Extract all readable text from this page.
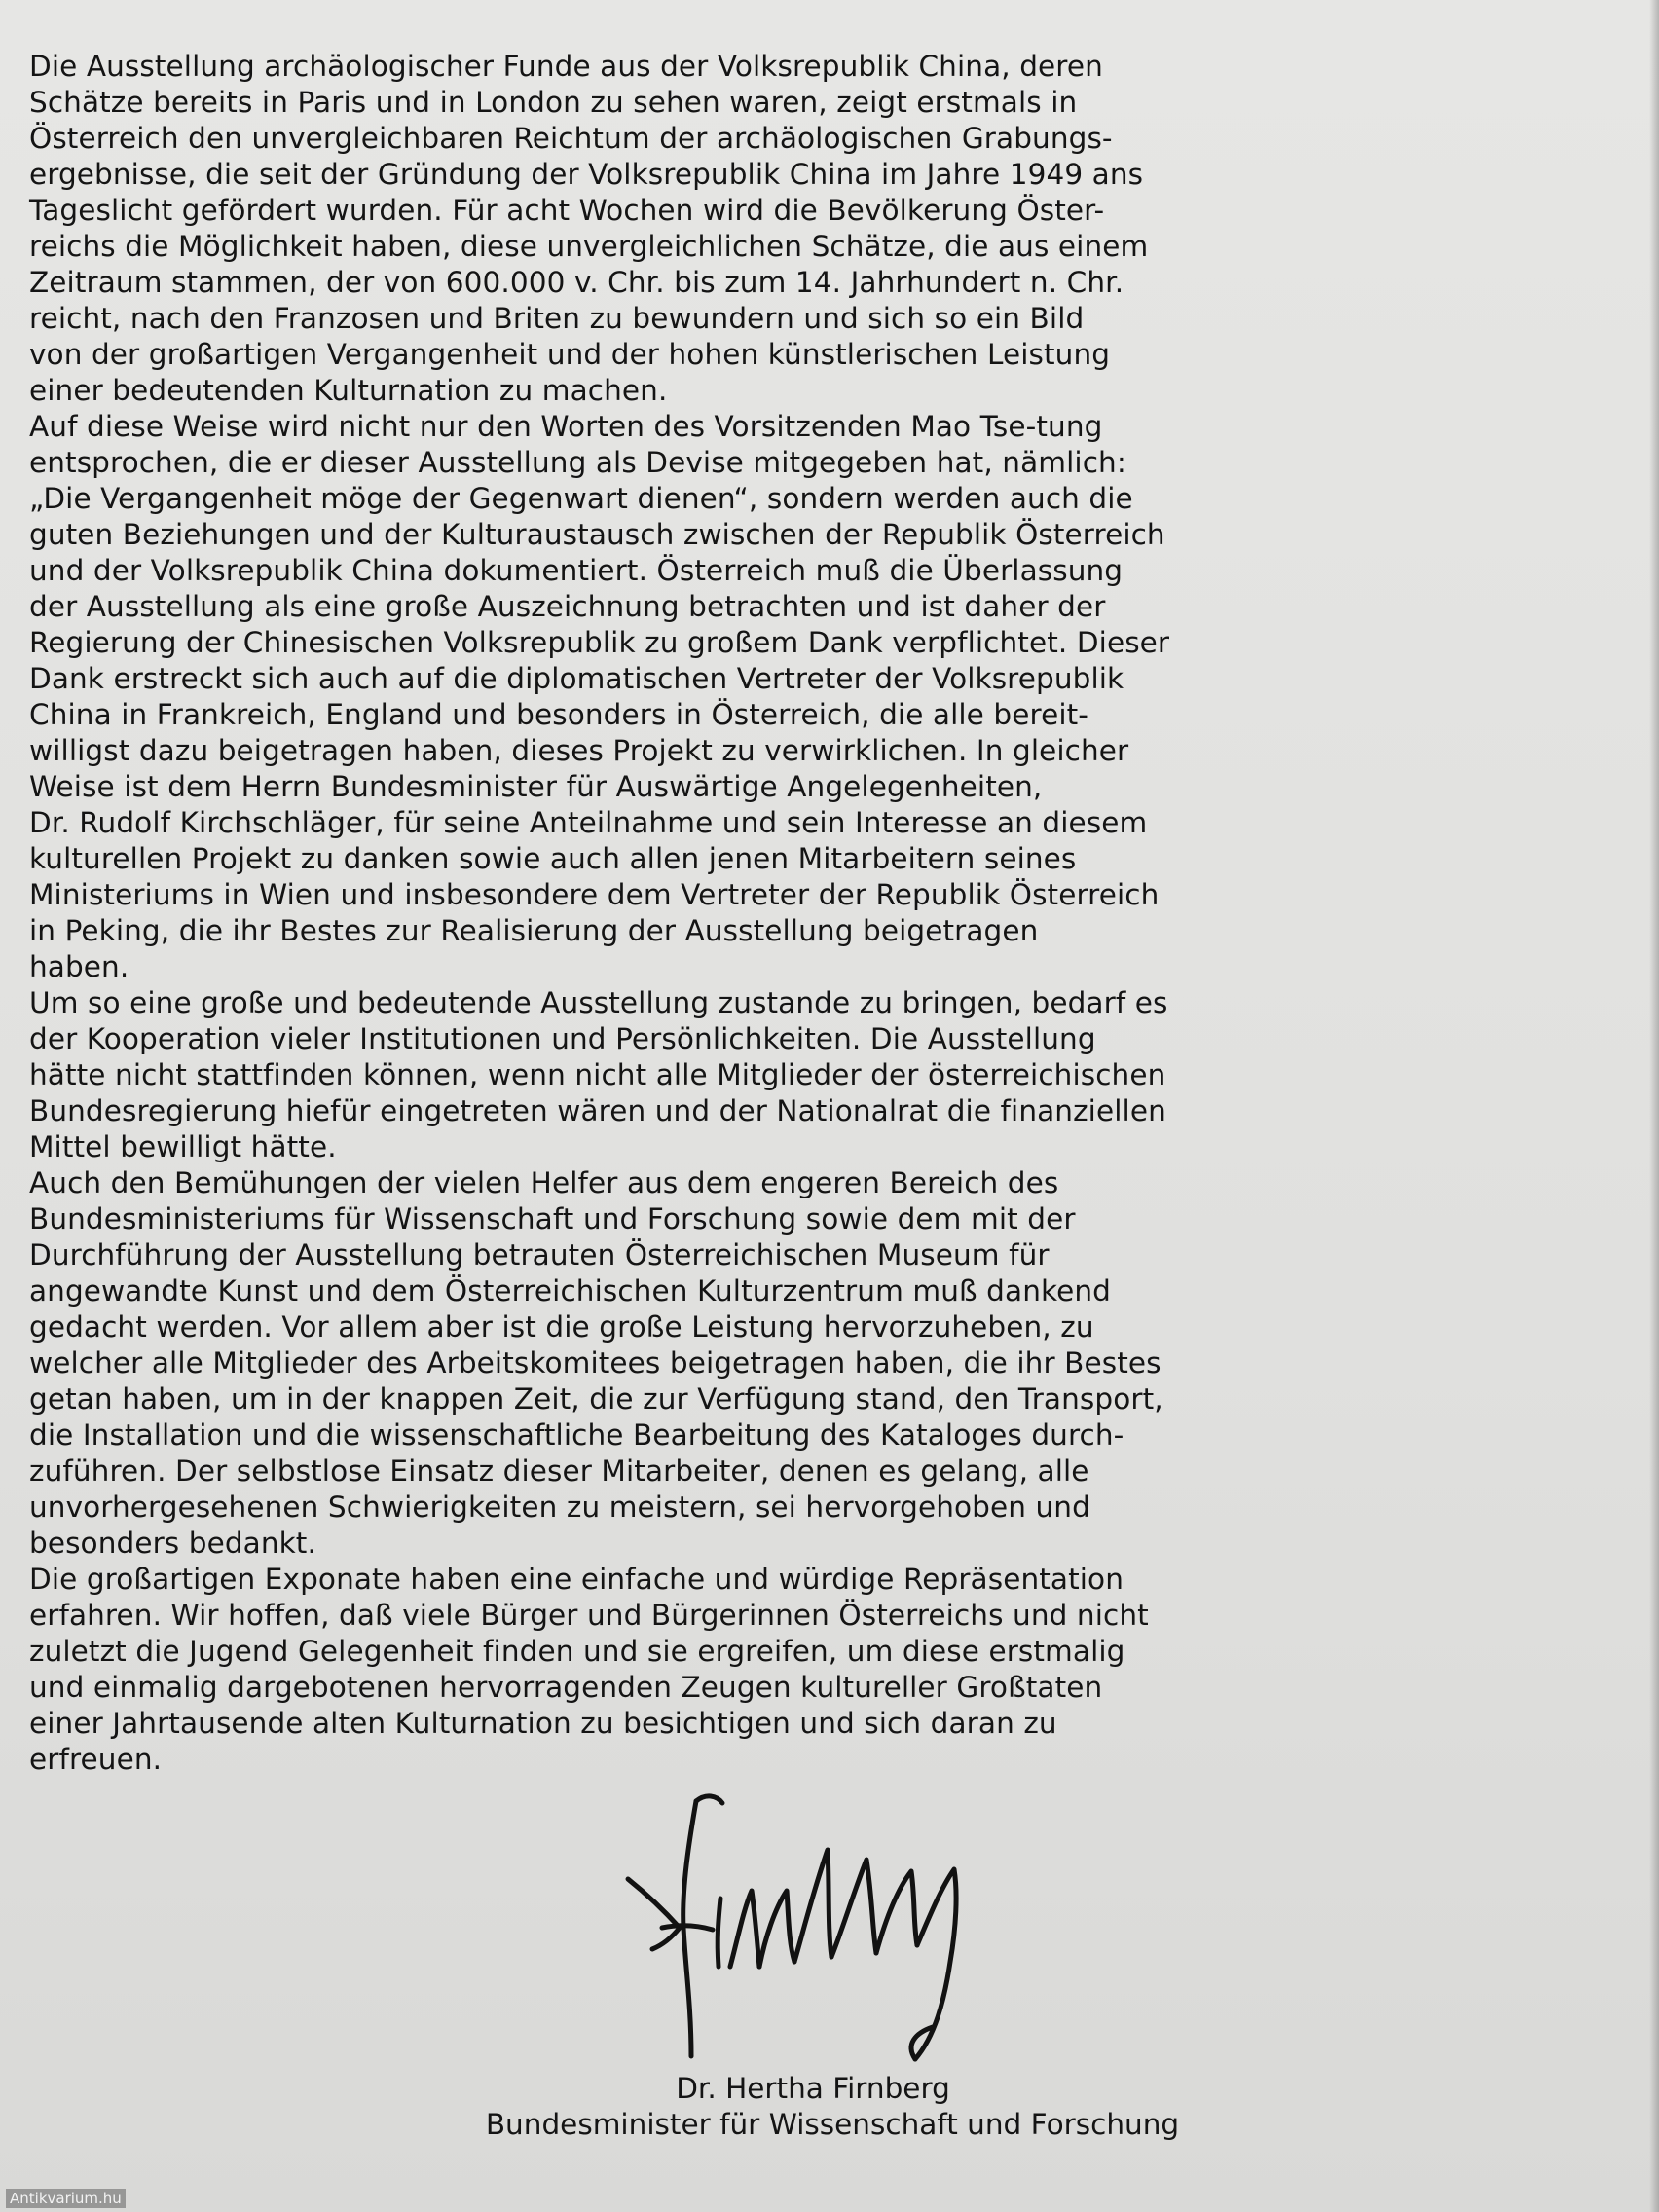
Die Ausstellung archäologischer Funde aus der Volksrepublik China, deren
Schätze bereits in Paris und in London zu sehen waren, zeigt erstmals in
Österreich den unvergleichbaren Reichtum der archäologischen Grabungs-
ergebnisse, die seit der Gründung der Volksrepublik China im Jahre 1949 ans
Tageslicht gefördert wurden. Für acht Wochen wird die Bevölkerung Öster-
reichs die Möglichkeit haben, diese unvergleichlichen Schätze, die aus einem
Zeitraum stammen, der von 600.000 v. Chr. bis zum 14. Jahrhundert n. Chr.
reicht, nach den Franzosen und Briten zu bewundern und sich so ein Bild
von der großartigen Vergangenheit und der hohen künstlerischen Leistung
einer bedeutenden Kulturnation zu machen.
Auf diese Weise wird nicht nur den Worten des Vorsitzenden Mao Tse-tung
entsprochen, die er dieser Ausstellung als Devise mitgegeben hat, nämlich:
„Die Vergangenheit möge der Gegenwart dienen“, sondern werden auch die
guten Beziehungen und der Kulturaustausch zwischen der Republik Österreich
und der Volksrepublik China dokumentiert. Österreich muß die Überlassung
der Ausstellung als eine große Auszeichnung betrachten und ist daher der
Regierung der Chinesischen Volksrepublik zu großem Dank verpflichtet. Dieser
Dank erstreckt sich auch auf die diplomatischen Vertreter der Volksrepublik
China in Frankreich, England und besonders in Österreich, die alle bereit-
willigst dazu beigetragen haben, dieses Projekt zu verwirklichen. In gleicher
Weise ist dem Herrn Bundesminister für Auswärtige Angelegenheiten,
Dr. Rudolf Kirchschläger, für seine Anteilnahme und sein Interesse an diesem
kulturellen Projekt zu danken sowie auch allen jenen Mitarbeitern seines
Ministeriums in Wien und insbesondere dem Vertreter der Republik Österreich
in Peking, die ihr Bestes zur Realisierung der Ausstellung beigetragen
haben.
Um so eine große und bedeutende Ausstellung zustande zu bringen, bedarf es
der Kooperation vieler Institutionen und Persönlichkeiten. Die Ausstellung
hätte nicht stattfinden können, wenn nicht alle Mitglieder der österreichischen
Bundesregierung hiefür eingetreten wären und der Nationalrat die finanziellen
Mittel bewilligt hätte.
Auch den Bemühungen der vielen Helfer aus dem engeren Bereich des
Bundesministeriums für Wissenschaft und Forschung sowie dem mit der
Durchführung der Ausstellung betrauten Österreichischen Museum für
angewandte Kunst und dem Österreichischen Kulturzentrum muß dankend
gedacht werden. Vor allem aber ist die große Leistung hervorzuheben, zu
welcher alle Mitglieder des Arbeitskomitees beigetragen haben, die ihr Bestes
getan haben, um in der knappen Zeit, die zur Verfügung stand, den Transport,
die Installation und die wissenschaftliche Bearbeitung des Kataloges durch-
zuführen. Der selbstlose Einsatz dieser Mitarbeiter, denen es gelang, alle
unvorhergesehenen Schwierigkeiten zu meistern, sei hervorgehoben und
besonders bedankt.
Die großartigen Exponate haben eine einfache und würdige Repräsentation
erfahren. Wir hoffen, daß viele Bürger und Bürgerinnen Österreichs und nicht
zuletzt die Jugend Gelegenheit finden und sie ergreifen, um diese erstmalig
und einmalig dargebotenen hervorragenden Zeugen kultureller Großtaten
einer Jahrtausende alten Kulturnation zu besichtigen und sich daran zu
erfreuen.
Dr. Hertha Firnberg
Bundesminister für Wissenschaft und Forschung
Antikvarium.hu
